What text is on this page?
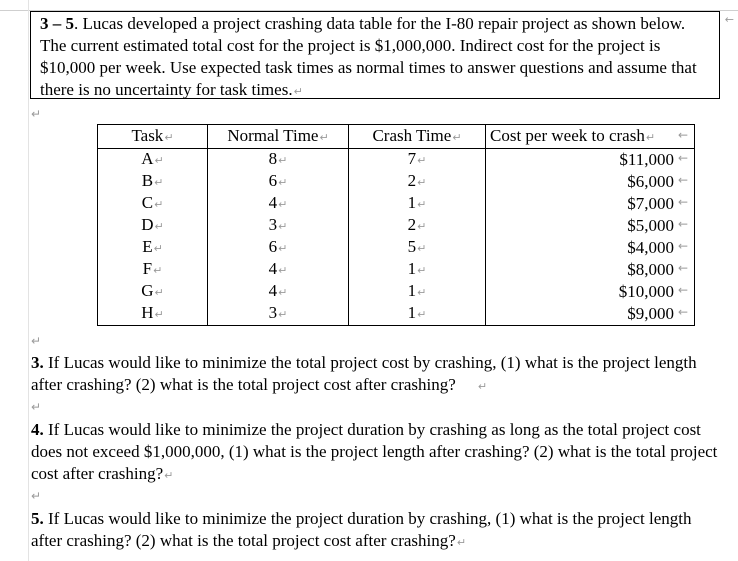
3 – 5. Lucas developed a project crashing data table for the I-80 repair project as shown below. The current estimated total cost for the project is $1,000,000. Indirect cost for the project is $10,000 per week. Use expected task times as normal times to answer questions and assume that there is no uncertainty for task times.↵
←
↵
Task↵	Normal Time↵	Crash Time↵	Cost per week to crash↵
A↵	8↵	7↵	$11,000
B↵	6↵	2↵	$6,000
C↵	4↵	1↵	$7,000
D↵	3↵	2↵	$5,000
E↵	6↵	5↵	$4,000
F↵	4↵	1↵	$8,000
G↵	4↵	1↵	$10,000
H↵	3↵	1↵	$9,000
←
←
←
←
←
←
←
←
←
↵
3. If Lucas would like to minimize the total project cost by crashing, (1) what is the project length after crashing? (2) what is the total project cost after crashing? ↵
↵
4. If Lucas would like to minimize the project duration by crashing as long as the total project cost does not exceed $1,000,000, (1) what is the project length after crashing? (2) what is the total project cost after crashing?↵
↵
5. If Lucas would like to minimize the project duration by crashing, (1) what is the project length after crashing? (2) what is the total project cost after crashing?↵
